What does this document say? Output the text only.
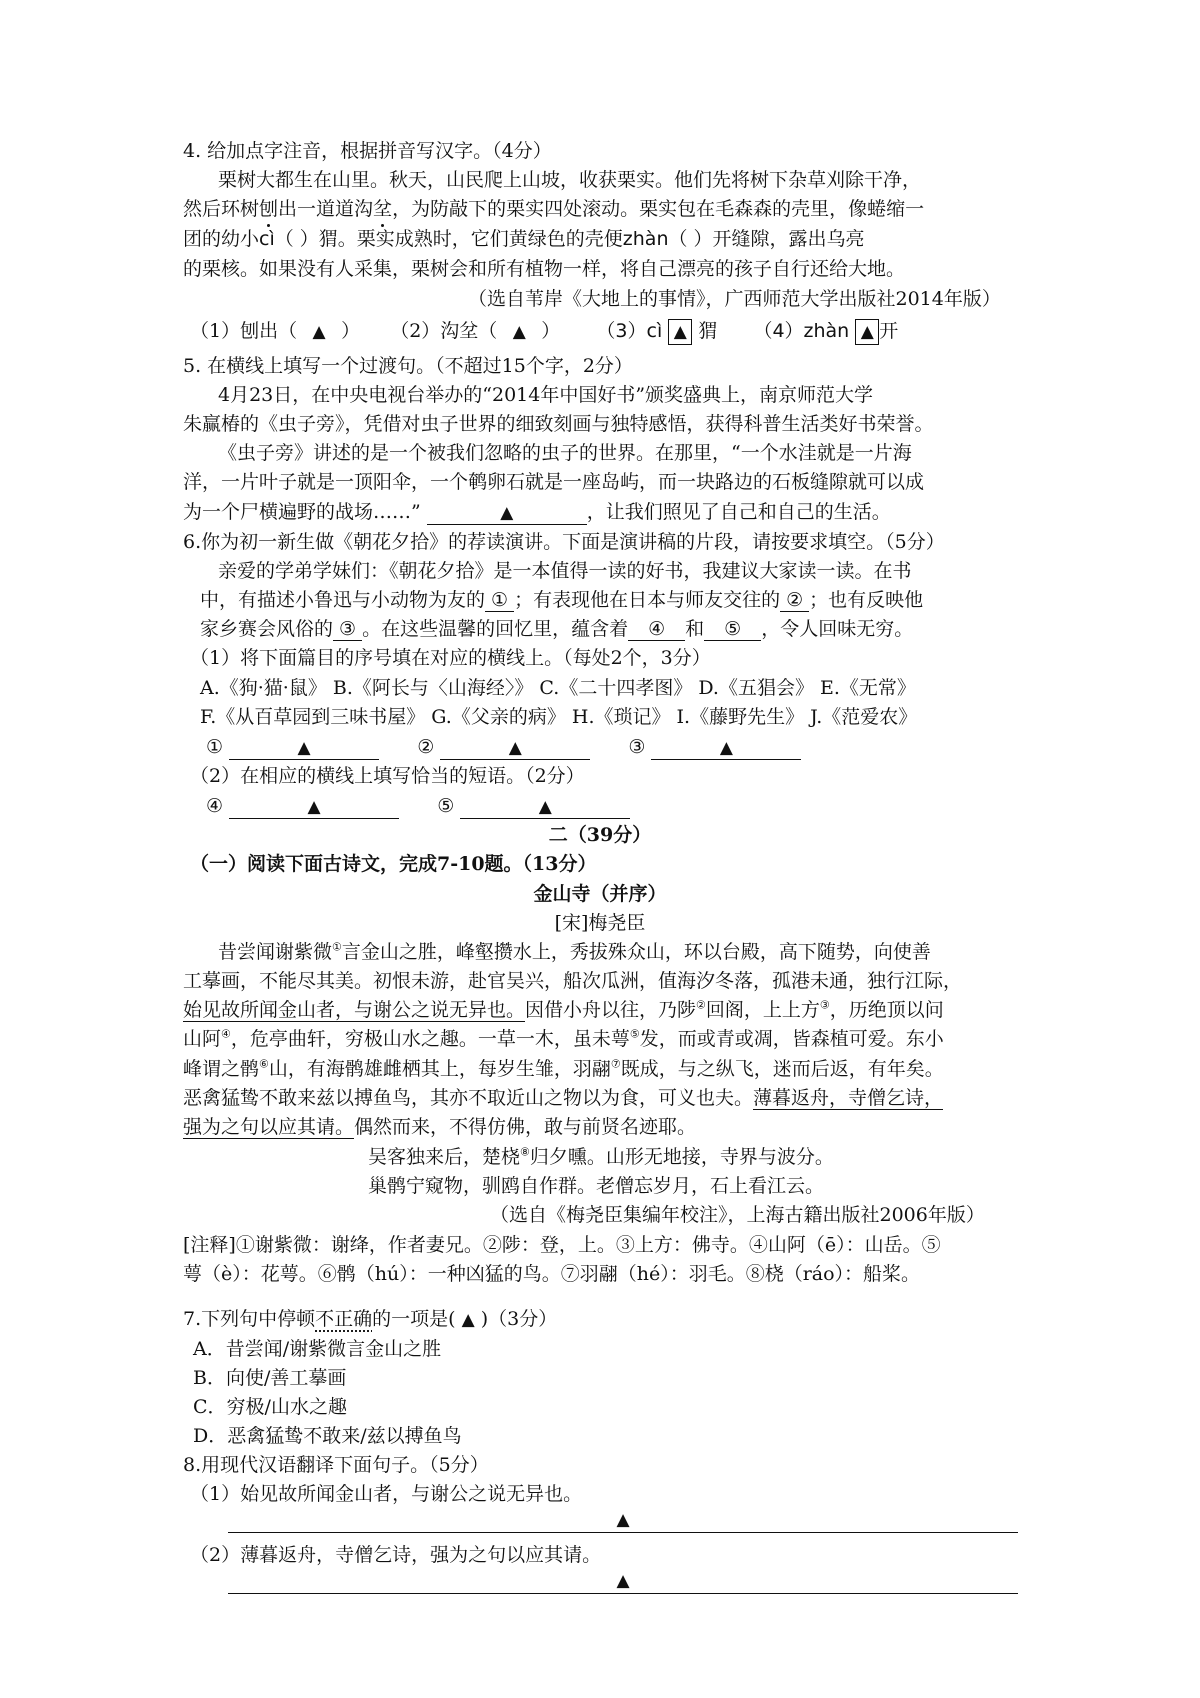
4. 给加点字注音，根据拼音写汉字。（4分）
栗树大都生在山里。秋天，山民爬上山坡，收获栗实。他们先将树下杂草刈除干净，
然后环树刨出一道道沟坌，为防敲下的栗实四处滚动。栗实包在毛森森的壳里，像蜷缩一
团的幼小cì（ ）猬。栗实成熟时，它们黄绿色的壳便zhàn（ ）开缝隙，露出乌亮
的栗核。如果没有人采集，栗树会和所有植物一样，将自己漂亮的孩子自行还给大地。
（选自苇岸《大地上的事情》，广西师范大学出版社2014年版）
（1）刨出（ ▲ ） （2）沟坌（ ▲ ） （3）cì ▲ 猬 （4）zhàn ▲ 开
5. 在横线上填写一个过渡句。（不超过15个字，2分）
4月23日，在中央电视台举办的“2014年中国好书”颁奖盛典上，南京师范大学
朱赢椿的《虫子旁》，凭借对虫子世界的细致刻画与独特感悟，获得科普生活类好书荣誉。
《虫子旁》讲述的是一个被我们忽略的虫子的世界。在那里，“一个水洼就是一片海
洋，一片叶子就是一顶阳伞，一个鹌卵石就是一座岛屿，而一块路边的石板缝隙就可以成
为一个尸横遍野的战场……”	▲	，让我们照见了自己和自己的生活。
6.你为初一新生做《朝花夕拾》的荐读演讲。下面是演讲稿的片段，请按要求填空。（5分）
亲爱的学弟学妹们：《朝花夕拾》是一本值得一读的好书，我建议大家读一读。在书
中，有描述小鲁迅与小动物为友的 ① ；有表现他在日本与师友交往的 ② ；也有反映他
家乡赛会风俗的 ③ 。在这些温馨的回忆里，蕴含着 ④ 和 ⑤ ，令人回味无穷。
（1）将下面篇目的序号填在对应的横线上。（每处2个，3分）
A.《狗·猫·鼠》 B.《阿长与〈山海经〉》 C.《二十四孝图》 D.《五猖会》 E.《无常》
F.《从百草园到三味书屋》 G.《父亲的病》 H.《琐记》 I.《藤野先生》 J.《范爱农》
①	▲	②	▲	③	▲
（2）在相应的横线上填写恰当的短语。（2分）
④	▲	⑤	▲
二（39分）
（一）阅读下面古诗文，完成7-10题。（13分）
金山寺（并序）
[宋]梅尧臣
昔尝闻谢紫微①言金山之胜，峰壑攒水上，秀拔殊众山，环以台殿，高下随势，向使善
工摹画，不能尽其美。初恨未游，赴官吴兴，船次瓜洲，值海汐冬落，孤港未通，独行江际，
始见故所闻金山者，与谢公之说无异也。因借小舟以往，乃陟②回阁，上上方③，历绝顶以问
山阿④，危亭曲轩，穷极山水之趣。一草一木，虽未萼⑤发，而或青或凋，皆森植可爱。东小
峰谓之鹘⑥山，有海鹘雄雌栖其上，每岁生雏，羽翮⑦既成，与之纵飞，迷而后返，有年矣。
恶禽猛鸷不敢来兹以搏鱼鸟，其亦不取近山之物以为食，可义也夫。薄暮返舟，寺僧乞诗，
强为之句以应其请。偶然而来，不得仿佛，敢与前贤名迹耶。
吴客独来后，楚桡⑧归夕曛。山形无地接，寺界与波分。
巢鹘宁窥物，驯鸥自作群。老僧忘岁月，石上看江云。
（选自《梅尧臣集编年校注》，上海古籍出版社2006年版）
[注释]①谢紫微：谢绛，作者妻兄。②陟：登，上。③上方：佛寺。④山阿（ē）：山岳。⑤
萼（è）：花萼。⑥鹘（hú）：一种凶猛的鸟。⑦羽翮（hé）：羽毛。⑧桡（ráo）：船桨。
7.下列句中停顿不正确的一项是( ▲ )（3分）
A．昔尝闻/谢紫微言金山之胜
B．向使/善工摹画
C．穷极/山水之趣
D．恶禽猛鸷不敢来/兹以搏鱼鸟
8.用现代汉语翻译下面句子。（5分）
（1）始见故所闻金山者，与谢公之说无异也。
▲
（2）薄暮返舟，寺僧乞诗，强为之句以应其请。
▲
